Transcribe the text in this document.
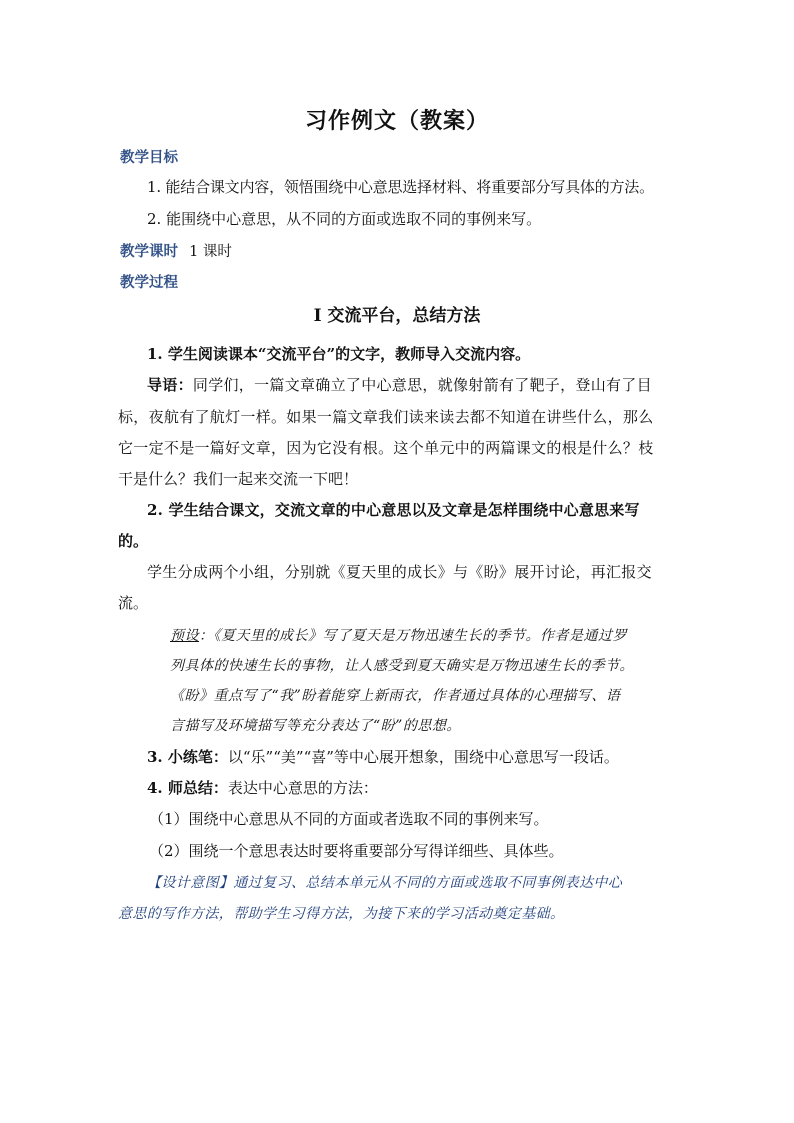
习作例文（教案）
教学目标
1. 能结合课文内容，领悟围绕中心意思选择材料、将重要部分写具体的方法。
2. 能围绕中心意思，从不同的方面或选取不同的事例来写。
教学课时 1 课时
教学过程
Ⅰ 交流平台，总结方法
1. 学生阅读课本“交流平台”的文字，教师导入交流内容。
导语：同学们，一篇文章确立了中心意思，就像射箭有了靶子，登山有了目
标，夜航有了航灯一样。如果一篇文章我们读来读去都不知道在讲些什么，那么
它一定不是一篇好文章，因为它没有根。这个单元中的两篇课文的根是什么？枝
干是什么？我们一起来交流一下吧！
2. 学生结合课文，交流文章的中心意思以及文章是怎样围绕中心意思来写
的。
学生分成两个小组，分别就《夏天里的成长》与《盼》展开讨论，再汇报交
流。
预设：《夏天里的成长》写了夏天是万物迅速生长的季节。作者是通过罗
列具体的快速生长的事物，让人感受到夏天确实是万物迅速生长的季节。
《盼》重点写了“我”盼着能穿上新雨衣，作者通过具体的心理描写、语
言描写及环境描写等充分表达了“盼”的思想。
3. 小练笔：以“乐”“美”“喜”等中心展开想象，围绕中心意思写一段话。
4. 师总结：表达中心意思的方法：
（1）围绕中心意思从不同的方面或者选取不同的事例来写。
（2）围绕一个意思表达时要将重要部分写得详细些、具体些。
【设计意图】通过复习、总结本单元从不同的方面或选取不同事例表达中心
意思的写作方法，帮助学生习得方法，为接下来的学习活动奠定基础。
